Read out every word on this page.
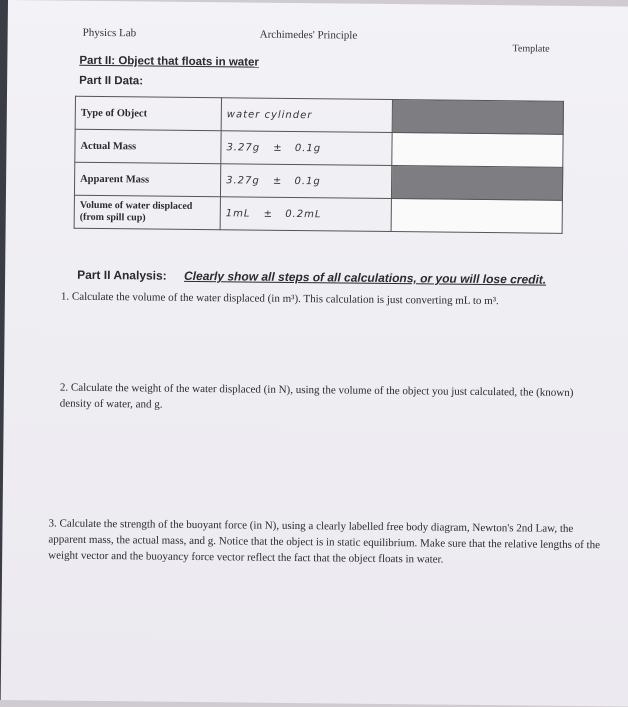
Physics Lab	Archimedes' Principle
Template
Part II: Object that floats in water
Part II Data:
Type of Object	water cylinder	
Actual Mass	3.27g ± 0.1g	
Apparent Mass	3.27g ± 0.1g	
Volume of water displaced (from spill cup)	1mL ± 0.2mL	
Part II Analysis: Clearly show all steps of all calculations, or you will lose credit.
1. Calculate the volume of the water displaced (in m³). This calculation is just converting mL to m³.
2. Calculate the weight of the water displaced (in N), using the volume of the object you just calculated, the (known) density of water, and g.
3. Calculate the strength of the buoyant force (in N), using a clearly labelled free body diagram, Newton's 2nd Law, the apparent mass, the actual mass, and g. Notice that the object is in static equilibrium. Make sure that the relative lengths of the weight vector and the buoyancy force vector reflect the fact that the object floats in water.
